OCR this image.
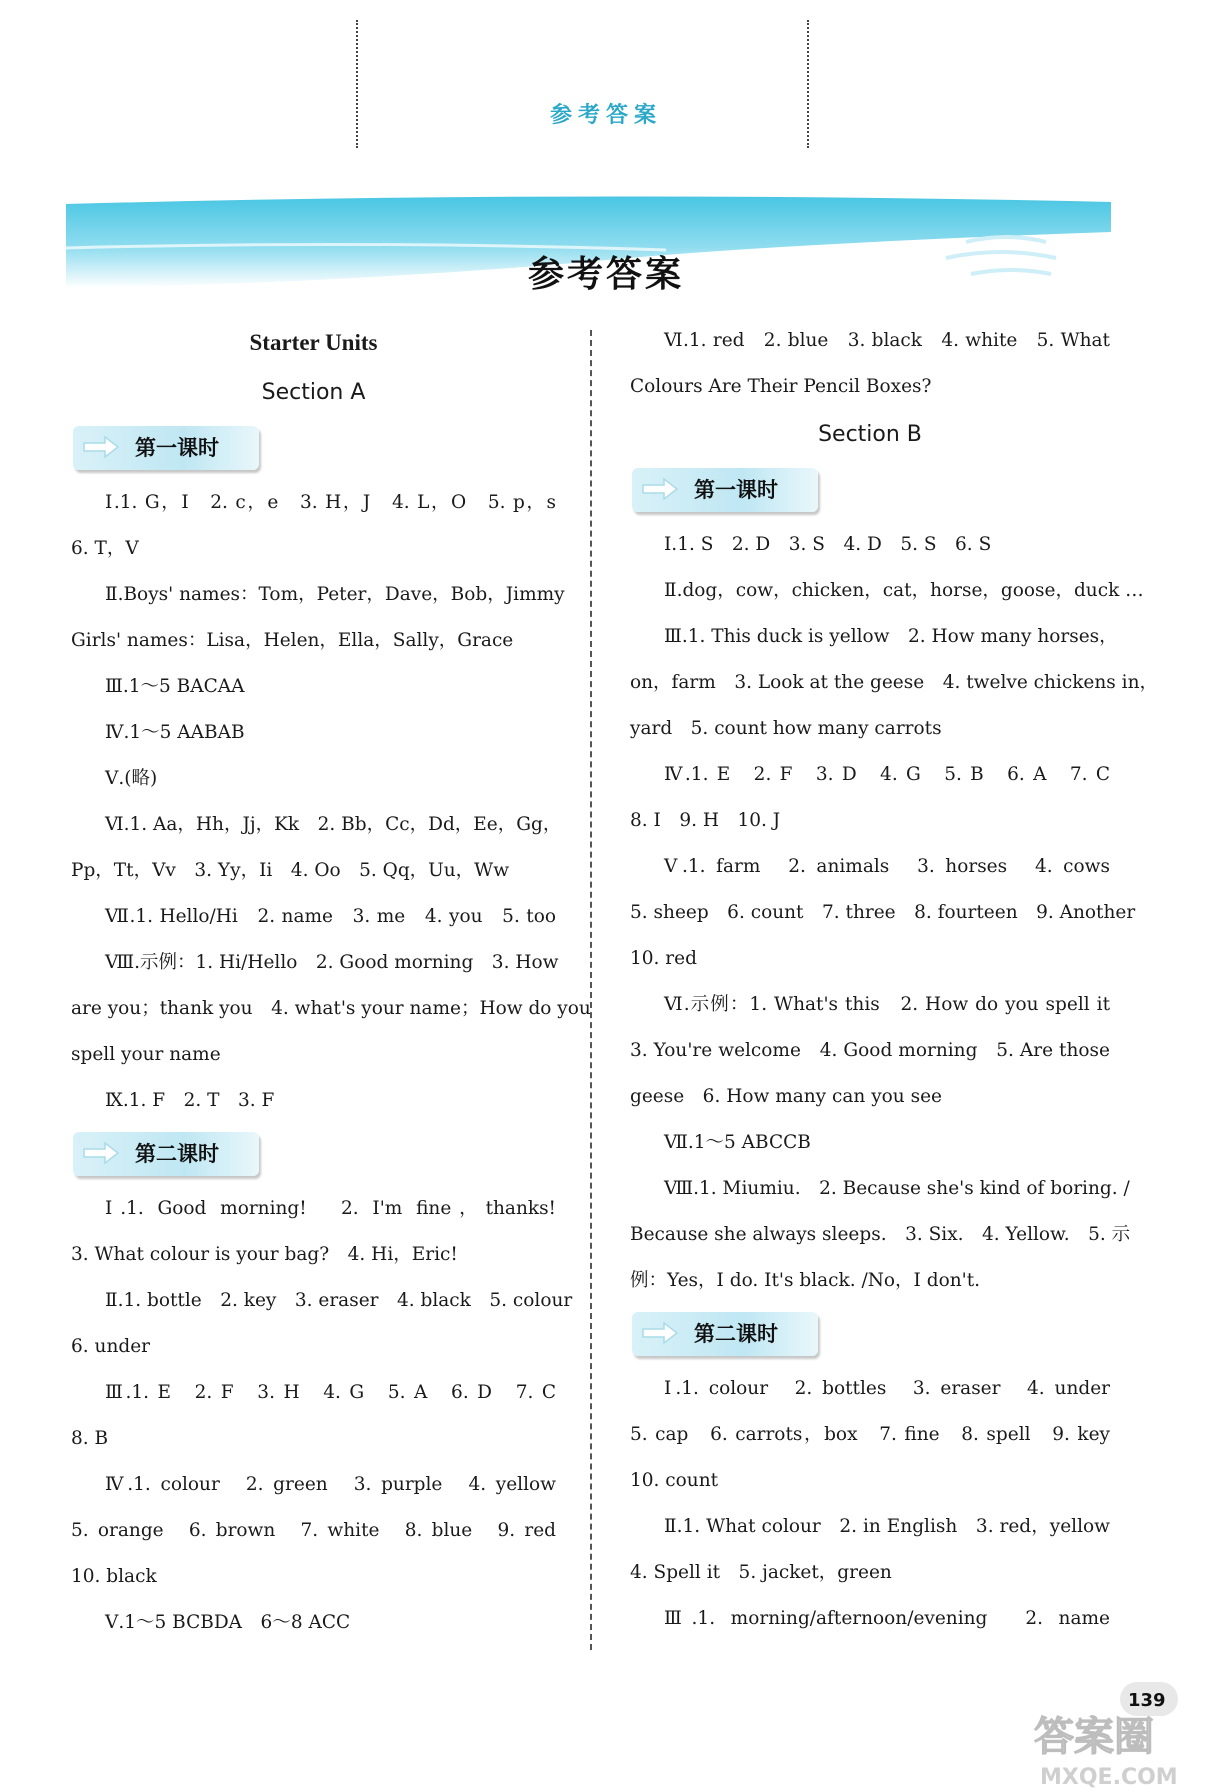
参考答案
参考答案
Starter Units
Section A
第一课时
Ⅰ.1. G，I　2. c，e　3. H，J　4. L，O　5. p，s
6. T，V
Ⅱ.Boys' names：Tom，Peter，Dave，Bob，Jimmy
Girls' names：Lisa，Helen，Ella，Sally，Grace
Ⅲ.1～5 BACAA
Ⅳ.1～5 AABAB
Ⅴ.(略)
Ⅵ.1. Aa，Hh，Jj，Kk　2. Bb，Cc，Dd，Ee，Gg，
Pp，Tt，Vv　3. Yy，Ii　4. Oo　5. Qq，Uu，Ww
Ⅶ.1. Hello/Hi　2. name　3. me　4. you　5. too
Ⅷ.示例：1. Hi/Hello　2. Good morning　3. How
are you；thank you　4. what's your name；How do you
spell your name
Ⅸ.1. F　2. T　3. F
第二课时
Ⅰ.1. Good morning!　2. I'm fine，thanks!
3. What colour is your bag?　4. Hi，Eric!
Ⅱ.1. bottle　2. key　3. eraser　4. black　5. colour
6. under
Ⅲ.1. E　2. F　3. H　4. G　5. A　6. D　7. C
8. B
Ⅳ.1. colour　2. green　3. purple　4. yellow
5. orange　6. brown　7. white　8. blue　9. red
10. black
Ⅴ.1～5 BCBDA　6～8 ACC
Ⅵ.1. red　2. blue　3. black　4. white　5. What
Colours Are Their Pencil Boxes?
Section B
第一课时
Ⅰ.1. S　2. D　3. S　4. D　5. S　6. S
Ⅱ.dog，cow，chicken，cat，horse，goose，duck …
Ⅲ.1. This duck is yellow　2. How many horses，
on，farm　3. Look at the geese　4. twelve chickens in，
yard　5. count how many carrots
Ⅳ.1. E　2. F　3. D　4. G　5. B　6. A　7. C
8. I　9. H　10. J
Ⅴ.1. farm　2. animals　3. horses　4. cows
5. sheep　6. count　7. three　8. fourteen　9. Another
10. red
Ⅵ.示例：1. What's this　2. How do you spell it
3. You're welcome　4. Good morning　5. Are those
geese　6. How many can you see
Ⅶ.1～5 ABCCB
Ⅷ.1. Miumiu.　2. Because she's kind of boring. /
Because she always sleeps.　3. Six.　4. Yellow.　5. 示
例：Yes，I do. It's black. /No，I don't.
第二课时
Ⅰ.1. colour　2. bottles　3. eraser　4. under
5. cap　6. carrots，box　7. fine　8. spell　9. key
10. count
Ⅱ.1. What colour　2. in English　3. red，yellow
4. Spell it　5. jacket，green
Ⅲ.1. morning/afternoon/evening　2. name
139
答案圈
MXQE.COM
